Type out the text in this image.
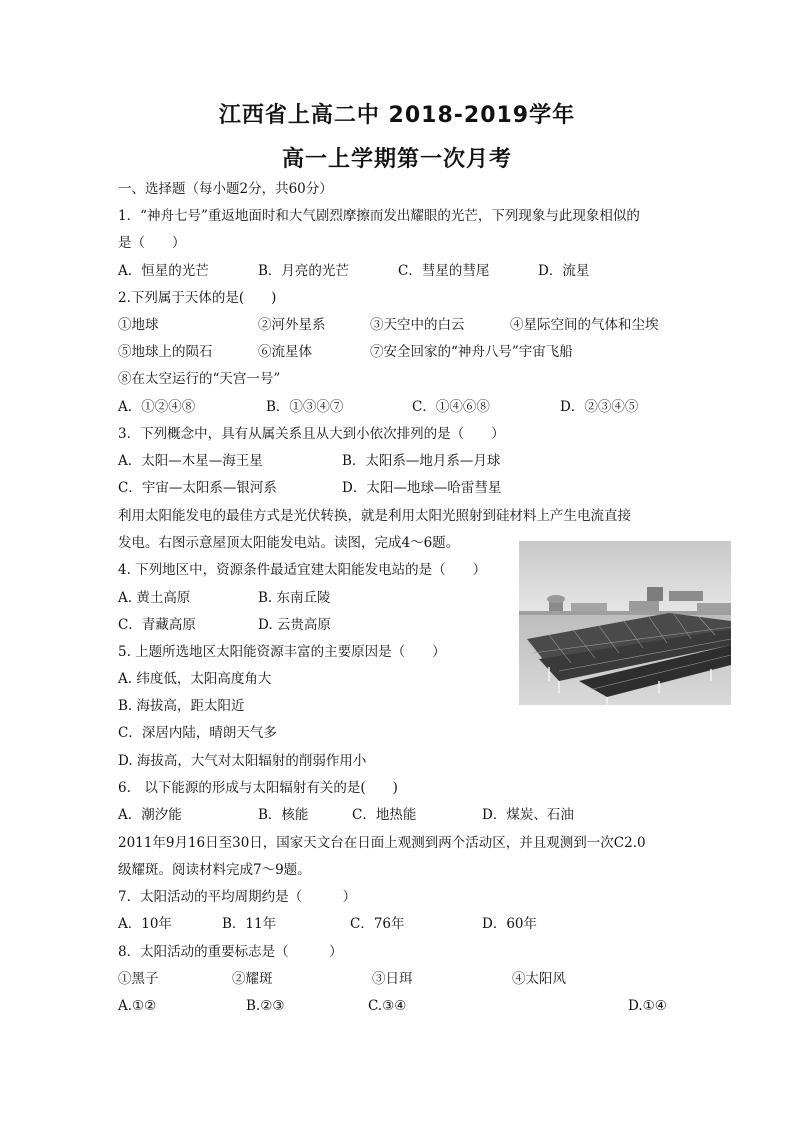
江西省上高二中 2018-2019学年
高一上学期第一次月考
一、选择题（每小题2分，共60分）
1．“神舟七号”重返地面时和大气剧烈摩擦而发出耀眼的光芒，下列现象与此现象相似的
是（　　）
A．恒星的光芒	B．月亮的光芒	C．彗星的彗尾	D．流星
2.下列属于天体的是(　　)
①地球	②河外星系	③天空中的白云	④星际空间的气体和尘埃
⑤地球上的陨石	⑥流星体	⑦安全回家的“神舟八号”宇宙飞船
⑧在太空运行的“天宫一号”
A．①②④⑧	B．①③④⑦	C．①④⑥⑧	D．②③④⑤
3．下列概念中，具有从属关系且从大到小依次排列的是（　　）
A．太阳—木星—海王星	B．太阳系—地月系—月球
C．宇宙—太阳系—银河系	D．太阳—地球—哈雷彗星
利用太阳能发电的最佳方式是光伏转换，就是利用太阳光照射到硅材料上产生电流直接
发电。右图示意屋顶太阳能发电站。读图，完成4～6题。
4. 下列地区中，资源条件最适宜建太阳能发电站的是（　　）
A. 黄土高原	B. 东南丘陵
C．青藏高原	D. 云贵高原
5. 上题所选地区太阳能资源丰富的主要原因是（　　）
A. 纬度低，太阳高度角大
B. 海拔高，距太阳近
C．深居内陆，晴朗天气多
D. 海拔高，大气对太阳辐射的削弱作用小
6.　以下能源的形成与太阳辐射有关的是(　　)
A．潮汐能	B．核能	C．地热能	D．煤炭、石油
2011年9月16日至30日，国家天文台在日面上观测到两个活动区，并且观测到一次C2.0
级耀斑。阅读材料完成7～9题。
7．太阳活动的平均周期约是（　　　）
A．10年	B．11年	C．76年	D．60年
8．太阳活动的重要标志是（　　　）
①黑子	②耀斑	③日珥	④太阳风
A.①②	B.②③	C.③④	D.①④
